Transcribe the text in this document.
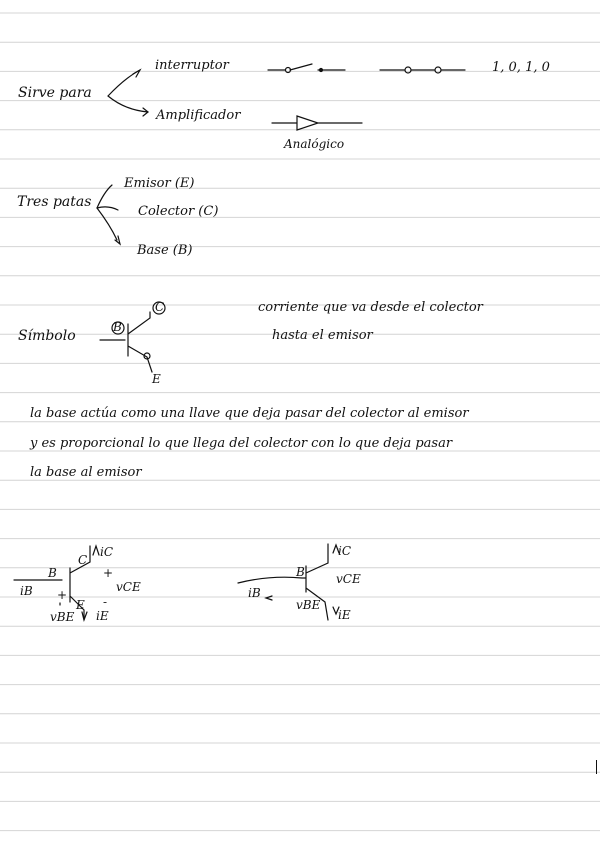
Sirve para
interruptor	1, 0, 1, 0
Amplificador
Analógico
Tres patas
Emisor (E)
Colector (C)
Base (B)
Símbolo
B
C
E
corriente que va desde el colector
hasta el emisor
la base actúa como una llave que deja pasar del colector al emisor
y es proporcional lo que llega del colector con lo que deja pasar
la base al emisor
iB
B
C
iC
+
vCE
-
+
E
vBE iE
B
iC
vCE
iB
vBE
iE
